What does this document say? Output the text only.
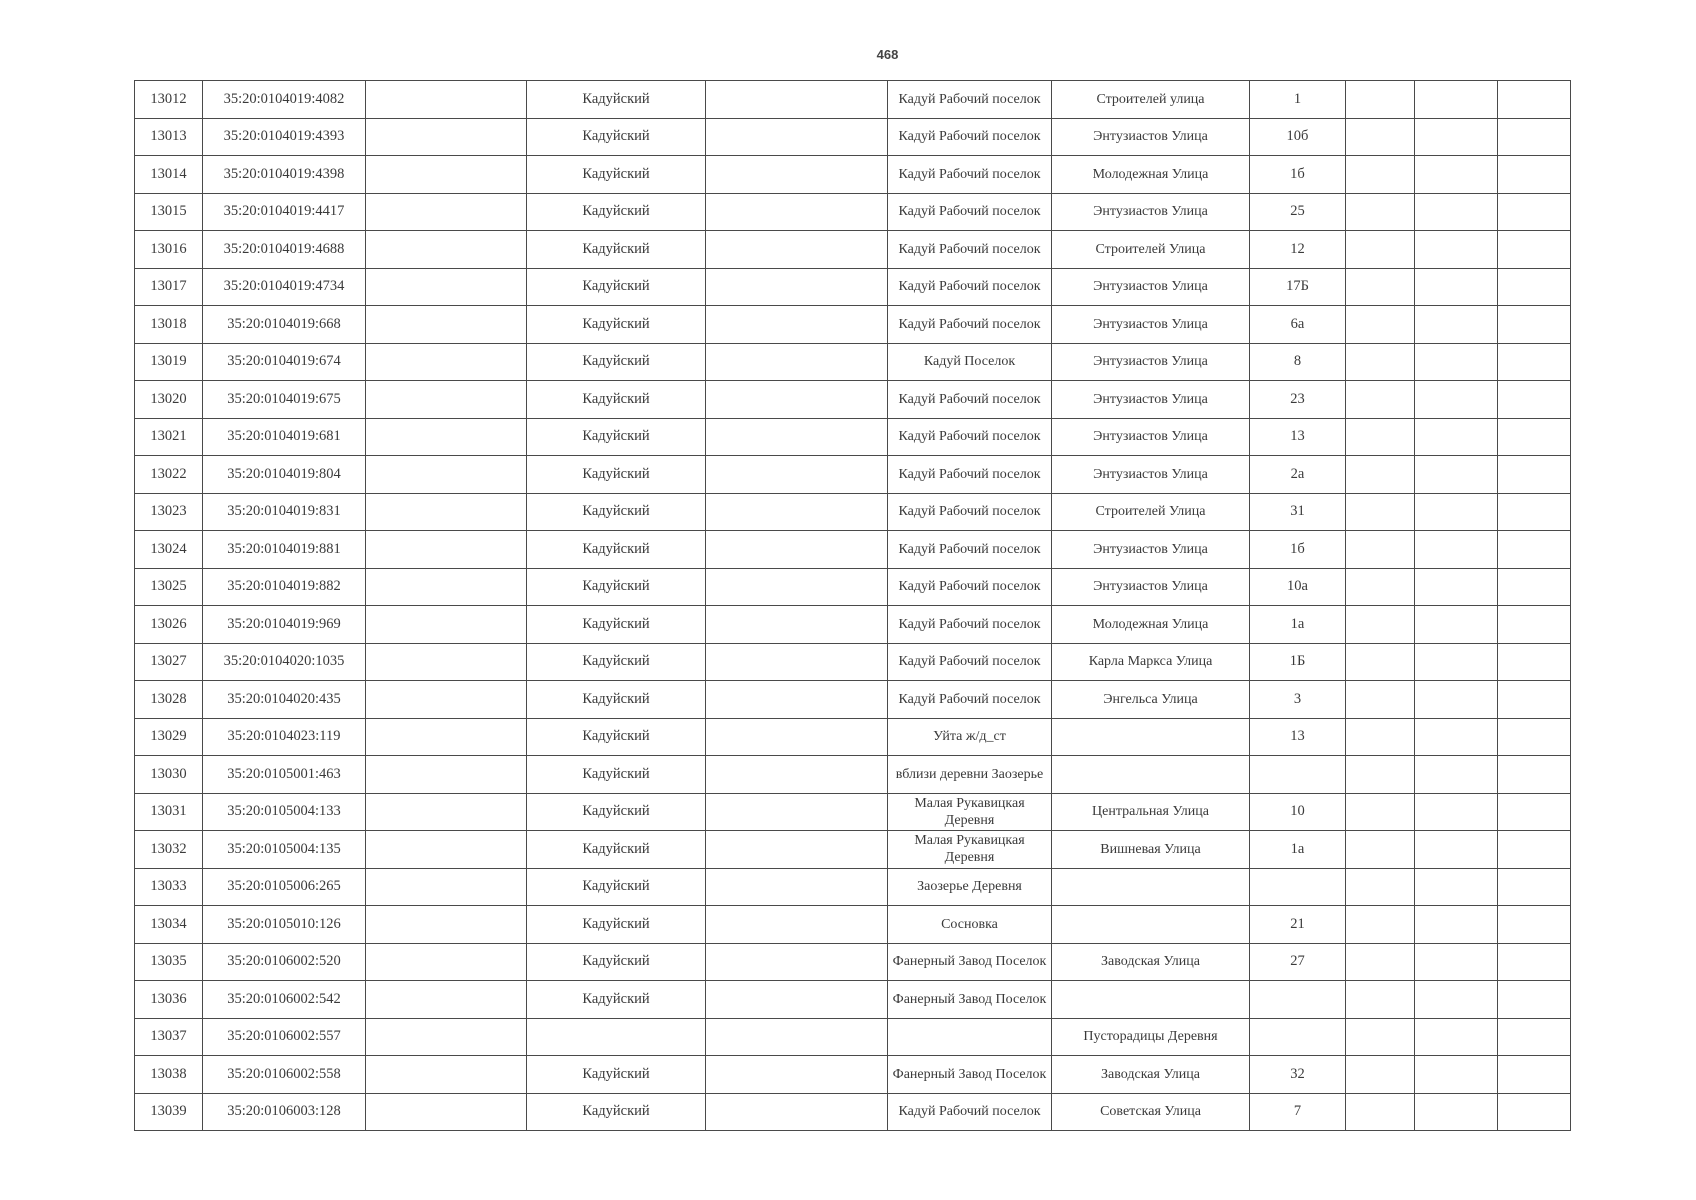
468
13012	35:20:0104019:4082		Кадуйский		Кадуй Рабочий поселок	Строителей улица	1			
13013	35:20:0104019:4393		Кадуйский		Кадуй Рабочий поселок	Энтузиастов Улица	10б			
13014	35:20:0104019:4398		Кадуйский		Кадуй Рабочий поселок	Молодежная Улица	1б			
13015	35:20:0104019:4417		Кадуйский		Кадуй Рабочий поселок	Энтузиастов Улица	25			
13016	35:20:0104019:4688		Кадуйский		Кадуй Рабочий поселок	Строителей Улица	12			
13017	35:20:0104019:4734		Кадуйский		Кадуй Рабочий поселок	Энтузиастов Улица	17Б			
13018	35:20:0104019:668		Кадуйский		Кадуй Рабочий поселок	Энтузиастов Улица	6а			
13019	35:20:0104019:674		Кадуйский		Кадуй Поселок	Энтузиастов Улица	8			
13020	35:20:0104019:675		Кадуйский		Кадуй Рабочий поселок	Энтузиастов Улица	23			
13021	35:20:0104019:681		Кадуйский		Кадуй Рабочий поселок	Энтузиастов Улица	13			
13022	35:20:0104019:804		Кадуйский		Кадуй Рабочий поселок	Энтузиастов Улица	2а			
13023	35:20:0104019:831		Кадуйский		Кадуй Рабочий поселок	Строителей Улица	31			
13024	35:20:0104019:881		Кадуйский		Кадуй Рабочий поселок	Энтузиастов Улица	1б			
13025	35:20:0104019:882		Кадуйский		Кадуй Рабочий поселок	Энтузиастов Улица	10а			
13026	35:20:0104019:969		Кадуйский		Кадуй Рабочий поселок	Молодежная Улица	1а			
13027	35:20:0104020:1035		Кадуйский		Кадуй Рабочий поселок	Карла Маркса Улица	1Б			
13028	35:20:0104020:435		Кадуйский		Кадуй Рабочий поселок	Энгельса Улица	3			
13029	35:20:0104023:119		Кадуйский		Уйта ж/д_ст		13			
13030	35:20:0105001:463		Кадуйский		вблизи деревни Заозерье					
13031	35:20:0105004:133		Кадуйский		Малая Рукавицкая Деревня	Центральная Улица	10			
13032	35:20:0105004:135		Кадуйский		Малая Рукавицкая Деревня	Вишневая Улица	1а			
13033	35:20:0105006:265		Кадуйский		Заозерье Деревня					
13034	35:20:0105010:126		Кадуйский		Сосновка		21			
13035	35:20:0106002:520		Кадуйский		Фанерный Завод Поселок	Заводская Улица	27			
13036	35:20:0106002:542		Кадуйский		Фанерный Завод Поселок					
13037	35:20:0106002:557					Пусторадицы Деревня				
13038	35:20:0106002:558		Кадуйский		Фанерный Завод Поселок	Заводская Улица	32			
13039	35:20:0106003:128		Кадуйский		Кадуй Рабочий поселок	Советская Улица	7			
